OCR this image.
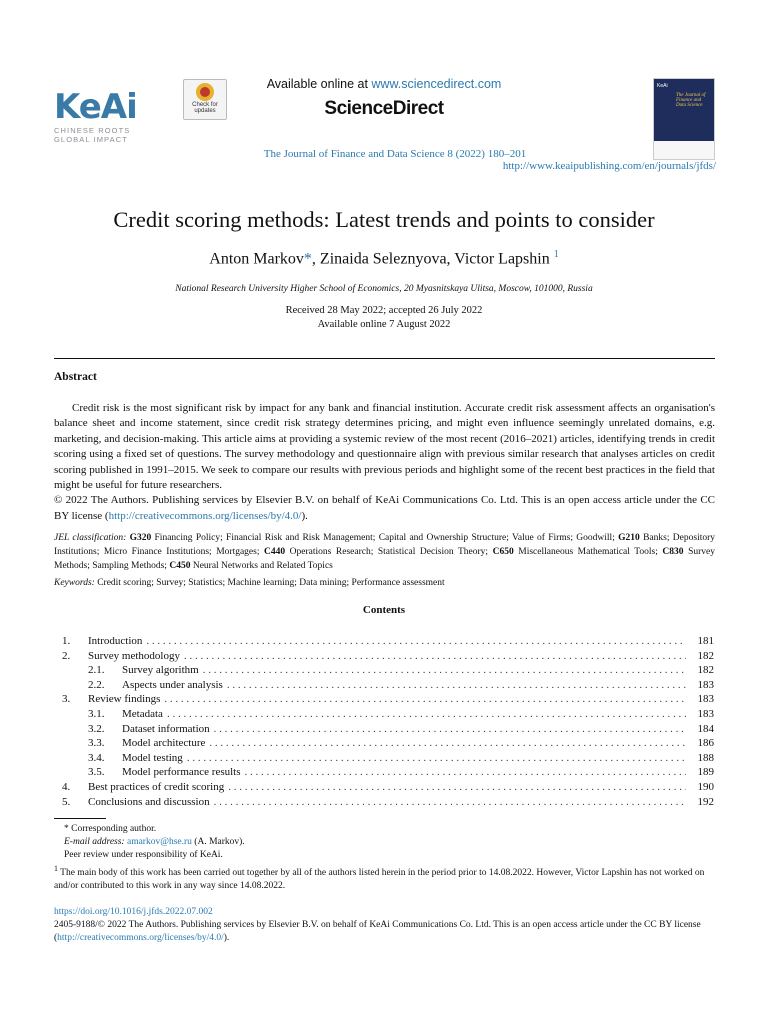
KeAi
CHINESE ROOTS
GLOBAL IMPACT
Check for
updates
Available online at www.sciencedirect.com
ScienceDirect
KeAi
The Journal of Finance and Data Science
The Journal of Finance and Data Science 8 (2022) 180–201
http://www.keaipublishing.com/en/journals/jfds/
Credit scoring methods: Latest trends and points to consider
Anton Markov*, Zinaida Seleznyova, Victor Lapshin $^1$
National Research University Higher School of Economics, 20 Myasnitskaya Ulitsa, Moscow, 101000, Russia
Received 28 May 2022; accepted 26 July 2022
Available online 7 August 2022
Abstract

Credit risk is the most significant risk by impact for any bank and financial institution. Accurate credit risk assessment affects an organisation's balance sheet and income statement, since credit risk strategy determines pricing, and might even influence seemingly unrelated domains, e.g. marketing, and decision-making. This article aims at providing a systemic review of the most recent (2016–2021) articles, identifying trends in credit scoring using a fixed set of questions. The survey methodology and questionnaire align with previous similar research that analyses articles on credit scoring published in 1991–2015. We seek to compare our results with previous periods and highlight some of the recent best practices in the field that might be useful for future researchers.

© 2022 The Authors. Publishing services by Elsevier B.V. on behalf of KeAi Communications Co. Ltd. This is an open access article under the CC BY license (http://creativecommons.org/licenses/by/4.0/).

JEL classification: G320 Financing Policy; Financial Risk and Risk Management; Capital and Ownership Structure; Value of Firms; Goodwill; G210 Banks; Depository Institutions; Micro Finance Institutions; Mortgages; C440 Operations Research; Statistical Decision Theory; C650 Miscellaneous Mathematical Tools; C830 Survey Methods; Sampling Methods; C450 Neural Networks and Related Topics
Keywords: Credit scoring; Survey; Statistics; Machine learning; Data mining; Performance assessment
Contents
1.	Introduction . . .	181
2.	Survey methodology . . .	182
2.1.	Survey algorithm . . .	182
2.2.	Aspects under analysis . . .	183
3.	Review findings . . .	183
3.1.	Metadata . . .	183
3.2.	Dataset information . . .	184
3.3.	Model architecture . . .	186
3.4.	Model testing . . .	188
3.5.	Model performance results . . .	189
4.	Best practices of credit scoring . . .	190
5.	Conclusions and discussion . . .	192

* Corresponding author.

E-mail address: amarkov@hse.ru (A. Markov).

Peer review under responsibility of KeAi.

$^1$ The main body of this work has been carried out together by all of the authors listed herein in the period prior to 14.08.2022. However, Victor Lapshin has not worked on and/or contributed to this work in any way since 14.08.2022.

https://doi.org/10.1016/j.jfds.2022.07.002
2405-9188/© 2022 The Authors. Publishing services by Elsevier B.V. on behalf of KeAi Communications Co. Ltd. This is an open access article under the CC BY license (http://creativecommons.org/licenses/by/4.0/).
